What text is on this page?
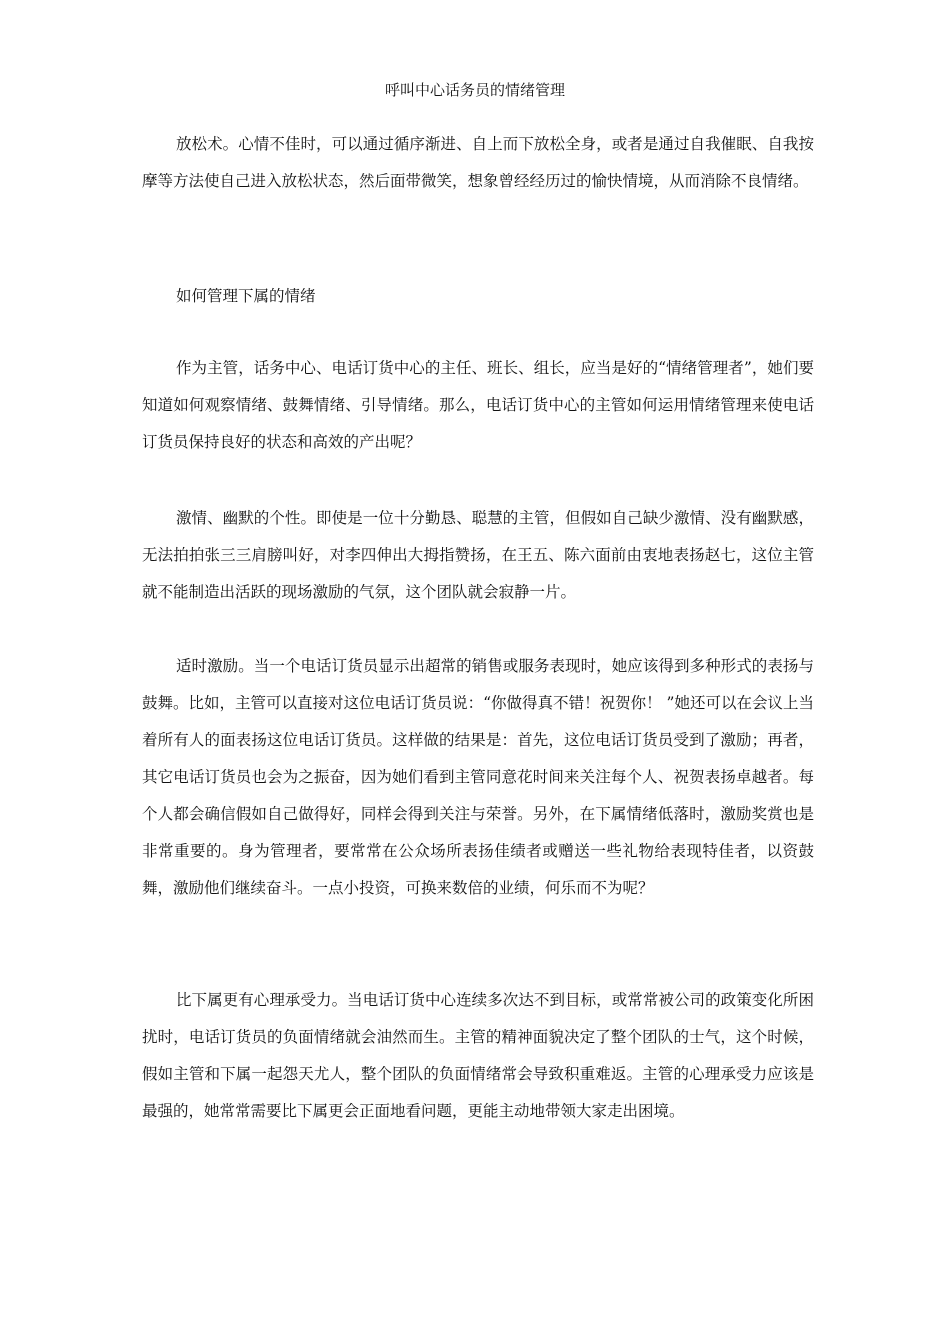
呼叫中心话务员的情绪管理

放松术。心情不佳时，可以通过循序渐进、自上而下放松全身，或者是通过自我催眠、自我按摩等方法使自己进入放松状态，然后面带微笑，想象曾经经历过的愉快情境，从而消除不良情绪。

如何管理下属的情绪

作为主管，话务中心、电话订货中心的主任、班长、组长，应当是好的“情绪管理者”，她们要知道如何观察情绪、鼓舞情绪、引导情绪。那么，电话订货中心的主管如何运用情绪管理来使电话订货员保持良好的状态和高效的产出呢？

激情、幽默的个性。即使是一位十分勤恳、聪慧的主管，但假如自己缺少激情、没有幽默感，无法拍拍张三三肩膀叫好，对李四伸出大拇指赞扬，在王五、陈六面前由衷地表扬赵七，这位主管就不能制造出活跃的现场激励的气氛，这个团队就会寂静一片。

适时激励。当一个电话订货员显示出超常的销售或服务表现时，她应该得到多种形式的表扬与鼓舞。比如，主管可以直接对这位电话订货员说：“你做得真不错！祝贺你！ ”她还可以在会议上当着所有人的面表扬这位电话订货员。这样做的结果是：首先，这位电话订货员受到了激励；再者，其它电话订货员也会为之振奋，因为她们看到主管同意花时间来关注每个人、祝贺表扬卓越者。每个人都会确信假如自己做得好，同样会得到关注与荣誉。另外，在下属情绪低落时，激励奖赏也是非常重要的。身为管理者，要常常在公众场所表扬佳绩者或赠送一些礼物给表现特佳者，以资鼓舞，激励他们继续奋斗。一点小投资，可换来数倍的业绩，何乐而不为呢？

比下属更有心理承受力。当电话订货中心连续多次达不到目标，或常常被公司的政策变化所困扰时，电话订货员的负面情绪就会油然而生。主管的精神面貌决定了整个团队的士气，这个时候，假如主管和下属一起怨天尤人，整个团队的负面情绪常会导致积重难返。主管的心理承受力应该是最强的，她常常需要比下属更会正面地看问题，更能主动地带领大家走出困境。
